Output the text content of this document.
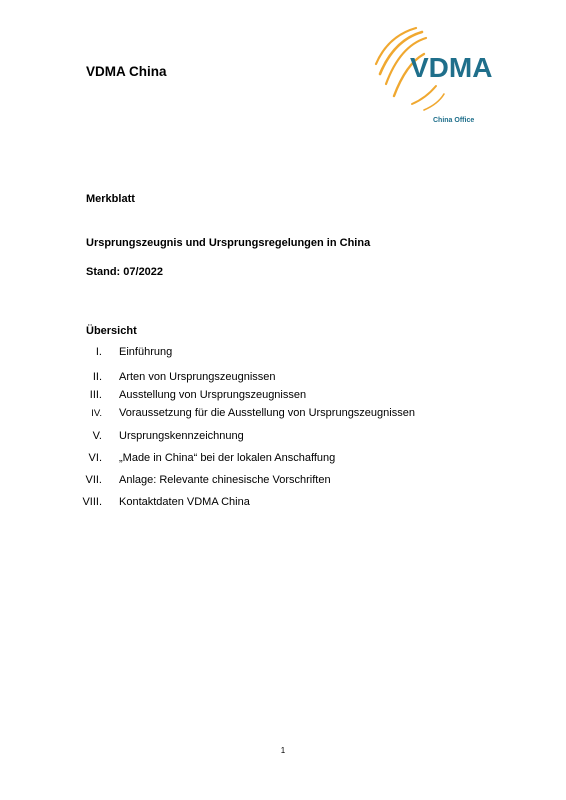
VDMA China	VDMA
China Office
Merkblatt
Ursprungszeugnis und Ursprungsregelungen in China
Stand: 07/2022
Übersicht
I. Einführung
II. Arten von Ursprungszeugnissen
III. Ausstellung von Ursprungszeugnissen
IV. Voraussetzung für die Ausstellung von Ursprungszeugnissen
V. Ursprungskennzeichnung
VI. „Made in China“ bei der lokalen Anschaffung
VII. Anlage: Relevante chinesische Vorschriften
VIII. Kontaktdaten VDMA China
1
